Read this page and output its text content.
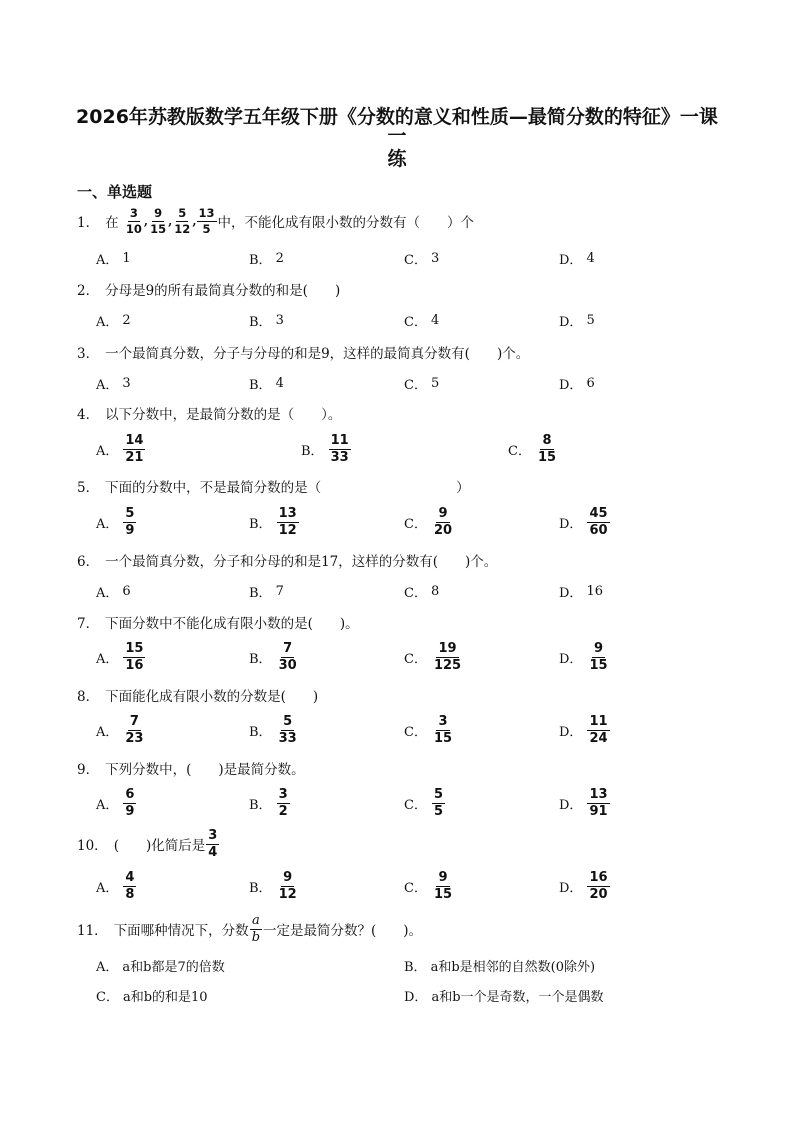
2026年苏教版数学五年级下册《分数的意义和性质—最简分数的特征》一课一
练
一、单选题
1． 在
$\frac{3}{10}$ , $\frac{9}{15}$ , $\frac{5}{12}$ , $\frac{13}{5}$ 中，不能化成有限小数的分数有（　　）个
A． 1	B． 2	C． 3	D． 4
2． 分母是9的所有最简真分数的和是(　　)
A． 2	B． 3	C． 4	D． 5
3． 一个最简真分数，分子与分母的和是9，这样的最简真分数有(　　)个。
A． 3	B． 4	C． 5	D． 6
4． 以下分数中，是最简分数的是（　　）。
A． $\frac{14}{21}$	B． $\frac{11}{33}$	C． $\frac{8}{15}$
5． 下面的分数中，不是最简分数的是（　　　　　　　　　　）
A． $\frac{5}{9}$	B． $\frac{13}{12}$	C． $\frac{9}{20}$	D． $\frac{45}{60}$
6． 一个最简真分数，分子和分母的和是17，这样的分数有(　　)个。
A． 6	B． 7	C． 8	D． 16
7． 下面分数中不能化成有限小数的是(　　)。
A． $\frac{15}{16}$	B． $\frac{7}{30}$	C． $\frac{19}{125}$	D． $\frac{9}{15}$
8． 下面能化成有限小数的分数是(　　)
A． $\frac{7}{23}$	B． $\frac{5}{33}$	C． $\frac{3}{15}$	D． $\frac{11}{24}$
9． 下列分数中，(　　)是最简分数。
A． $\frac{6}{9}$	B． $\frac{3}{2}$	C． $\frac{5}{5}$	D． $\frac{13}{91}$
10． (　　)化简后是 $\frac{3}{4}$
A． $\frac{4}{8}$	B． $\frac{9}{12}$	C． $\frac{9}{15}$	D． $\frac{16}{20}$
11． 下面哪种情况下，分数 $\frac{a}{b}$ 一定是最简分数？(　　)。
A． a和b都是7的倍数	B． a和b是相邻的自然数(0除外)
C． a和b的和是10	D． a和b一个是奇数，一个是偶数
